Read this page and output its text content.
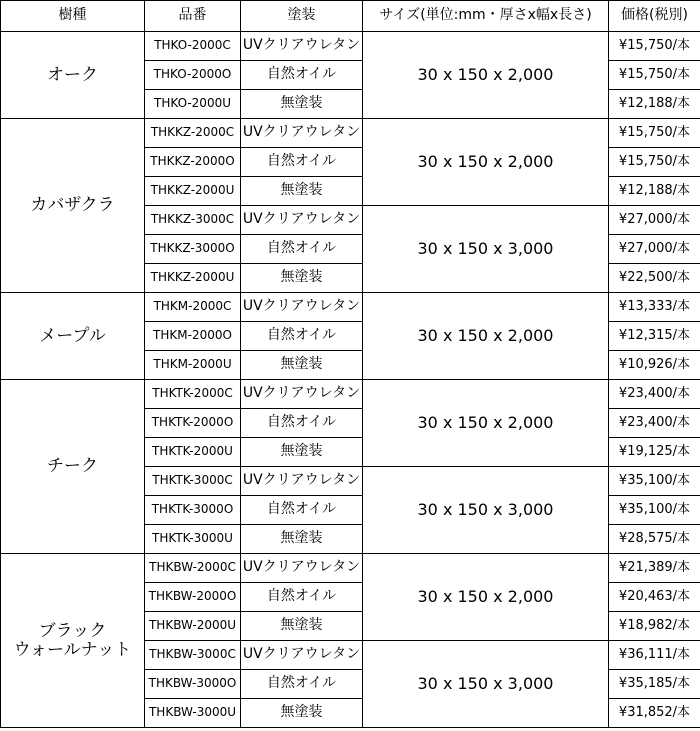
樹種	品番	塗装	サイズ(単位:mm・厚さx幅x長さ)	価格(税別)
オーク	THKO-2000C	UVクリアウレタン	30 x 150 x 2,000	¥15,750/本
	THKO-2000O	自然オイル		¥15,750/本
	THKO-2000U	無塗装		¥12,188/本
カバザクラ	THKKZ-2000C	UVクリアウレタン	30 x 150 x 2,000	¥15,750/本
	THKKZ-2000O	自然オイル		¥15,750/本
	THKKZ-2000U	無塗装		¥12,188/本
	THKKZ-3000C	UVクリアウレタン	30 x 150 x 3,000	¥27,000/本
	THKKZ-3000O	自然オイル		¥27,000/本
	THKKZ-2000U	無塗装		¥22,500/本
メープル	THKM-2000C	UVクリアウレタン	30 x 150 x 2,000	¥13,333/本
	THKM-2000O	自然オイル		¥12,315/本
	THKM-2000U	無塗装		¥10,926/本
チーク	THKTK-2000C	UVクリアウレタン	30 x 150 x 2,000	¥23,400/本
	THKTK-2000O	自然オイル		¥23,400/本
	THKTK-2000U	無塗装		¥19,125/本
	THKTK-3000C	UVクリアウレタン	30 x 150 x 3,000	¥35,100/本
	THKTK-3000O	自然オイル		¥35,100/本
	THKTK-3000U	無塗装		¥28,575/本
ブラック
ウォールナット	THKBW-2000C	UVクリアウレタン	30 x 150 x 2,000	¥21,389/本
	THKBW-2000O	自然オイル		¥20,463/本
	THKBW-2000U	無塗装		¥18,982/本
	THKBW-3000C	UVクリアウレタン	30 x 150 x 3,000	¥36,111/本
	THKBW-3000O	自然オイル		¥35,185/本
	THKBW-3000U	無塗装		¥31,852/本
